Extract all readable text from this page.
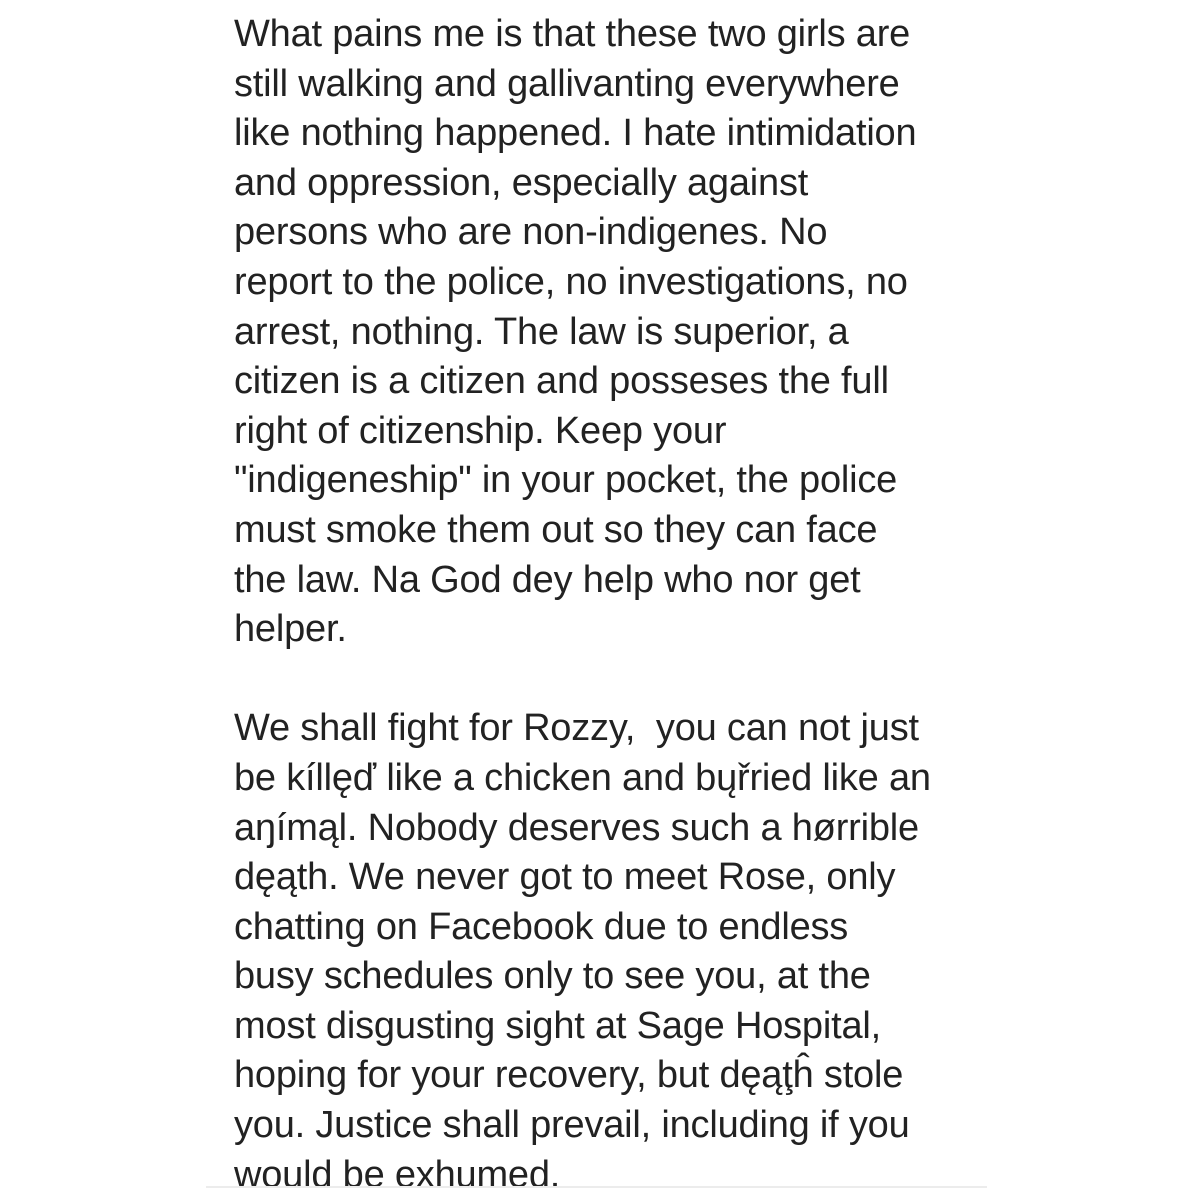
What pains me is that these two girls are
still walking and gallivanting everywhere
like nothing happened. I hate intimidation
and oppression, especially against
persons who are non-indigenes. No
report to the police, no investigations, no
arrest, nothing. The law is superior, a
citizen is a citizen and posseses the full
right of citizenship. Keep your
"indigeneship" in your pocket, the police
must smoke them out so they can face
the law. Na God dey help who nor get
helper.
We shall fight for Rozzy,  you can not just
be kíllęď like a chicken and bųřried like an
aŋímąl. Nobody deserves such a hørrible
dęąth. We never got to meet Rose, only
chatting on Facebook due to endless
busy schedules only to see you, at the
most disgusting sight at Sage Hospital,
hoping for your recovery, but dęąţĥ stole
you. Justice shall prevail, including if you
would be exhumed.
